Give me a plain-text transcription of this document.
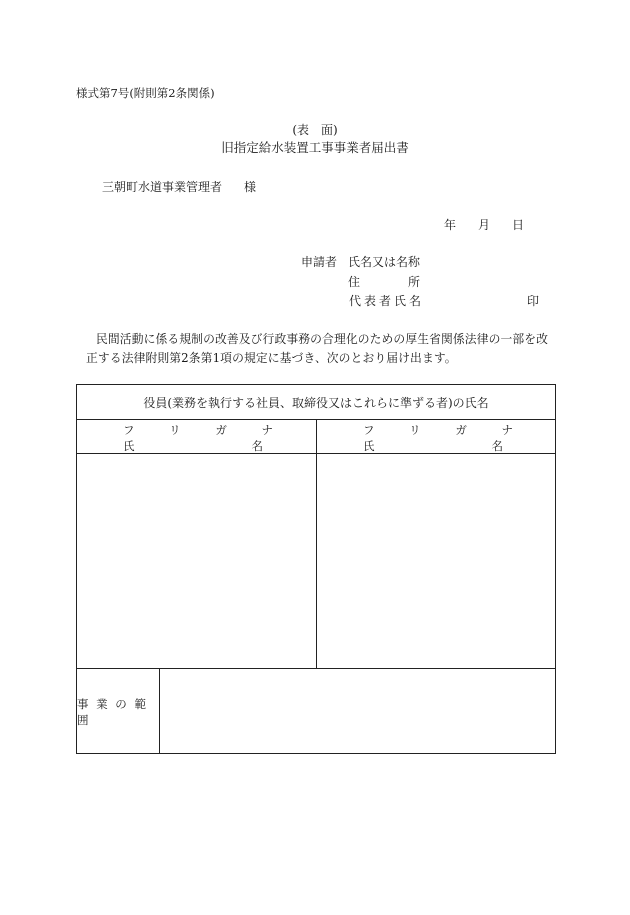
様式第7号(附則第2条関係)
(表　面)
旧指定給水装置工事事業者届出書
三朝町水道事業管理者 様
年 月 日
申請者 氏名又は名称
住	所
代表者氏名	印
民間活動に係る規制の改善及び行政事務の合理化のための厚生省関係法律の一部を改正する法律附則第2条第1項の規定に基づき、次のとおり届け出ます。
役員(業務を執行する社員、取締役又はこれらに準ずる者)の氏名
フ	リ	ガ	ナ
氏	名
フ	リ	ガ	ナ
氏	名
事 業 の 範 囲
